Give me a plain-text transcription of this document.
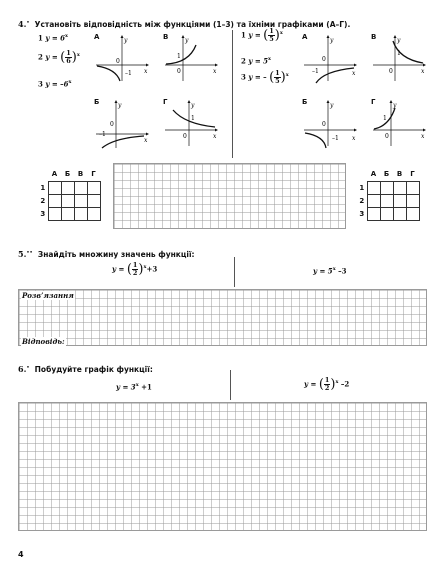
4.• Установіть відповідність між функціями (1–3) та їхніми графіками (А–Г).
1 $y = 6^x$
2 y = ( $\frac{1}{6} )^x$
3 $y = -6^x$
А	y
0
–1 x
В	y
1
0	x
Б	y
0
–1
x
Г	y
1
0	x
1 y = ( $\frac{1}{5} )^x$
2 $y = 5^x$
3 y = – ( $\frac{1}{5} )^x$
А	y
0
–1	x
В	y
1
0	x
Б	y
0
–1 x
Г	y
1
0	x
	А	Б	В	Г
1				
2				
3				
	А	Б	В	Г
1				
2				
3				
5.•• Знайдіть множину значень функції:
y = ( $\frac{1}{2} )^x+3$	$y = 5^x$ –3
Розв’язання
Відповідь:
6.• Побудуйте графік функції:
$y = 3^x +1$	y = ( $\frac{1}{2} )^x$ –2
4
